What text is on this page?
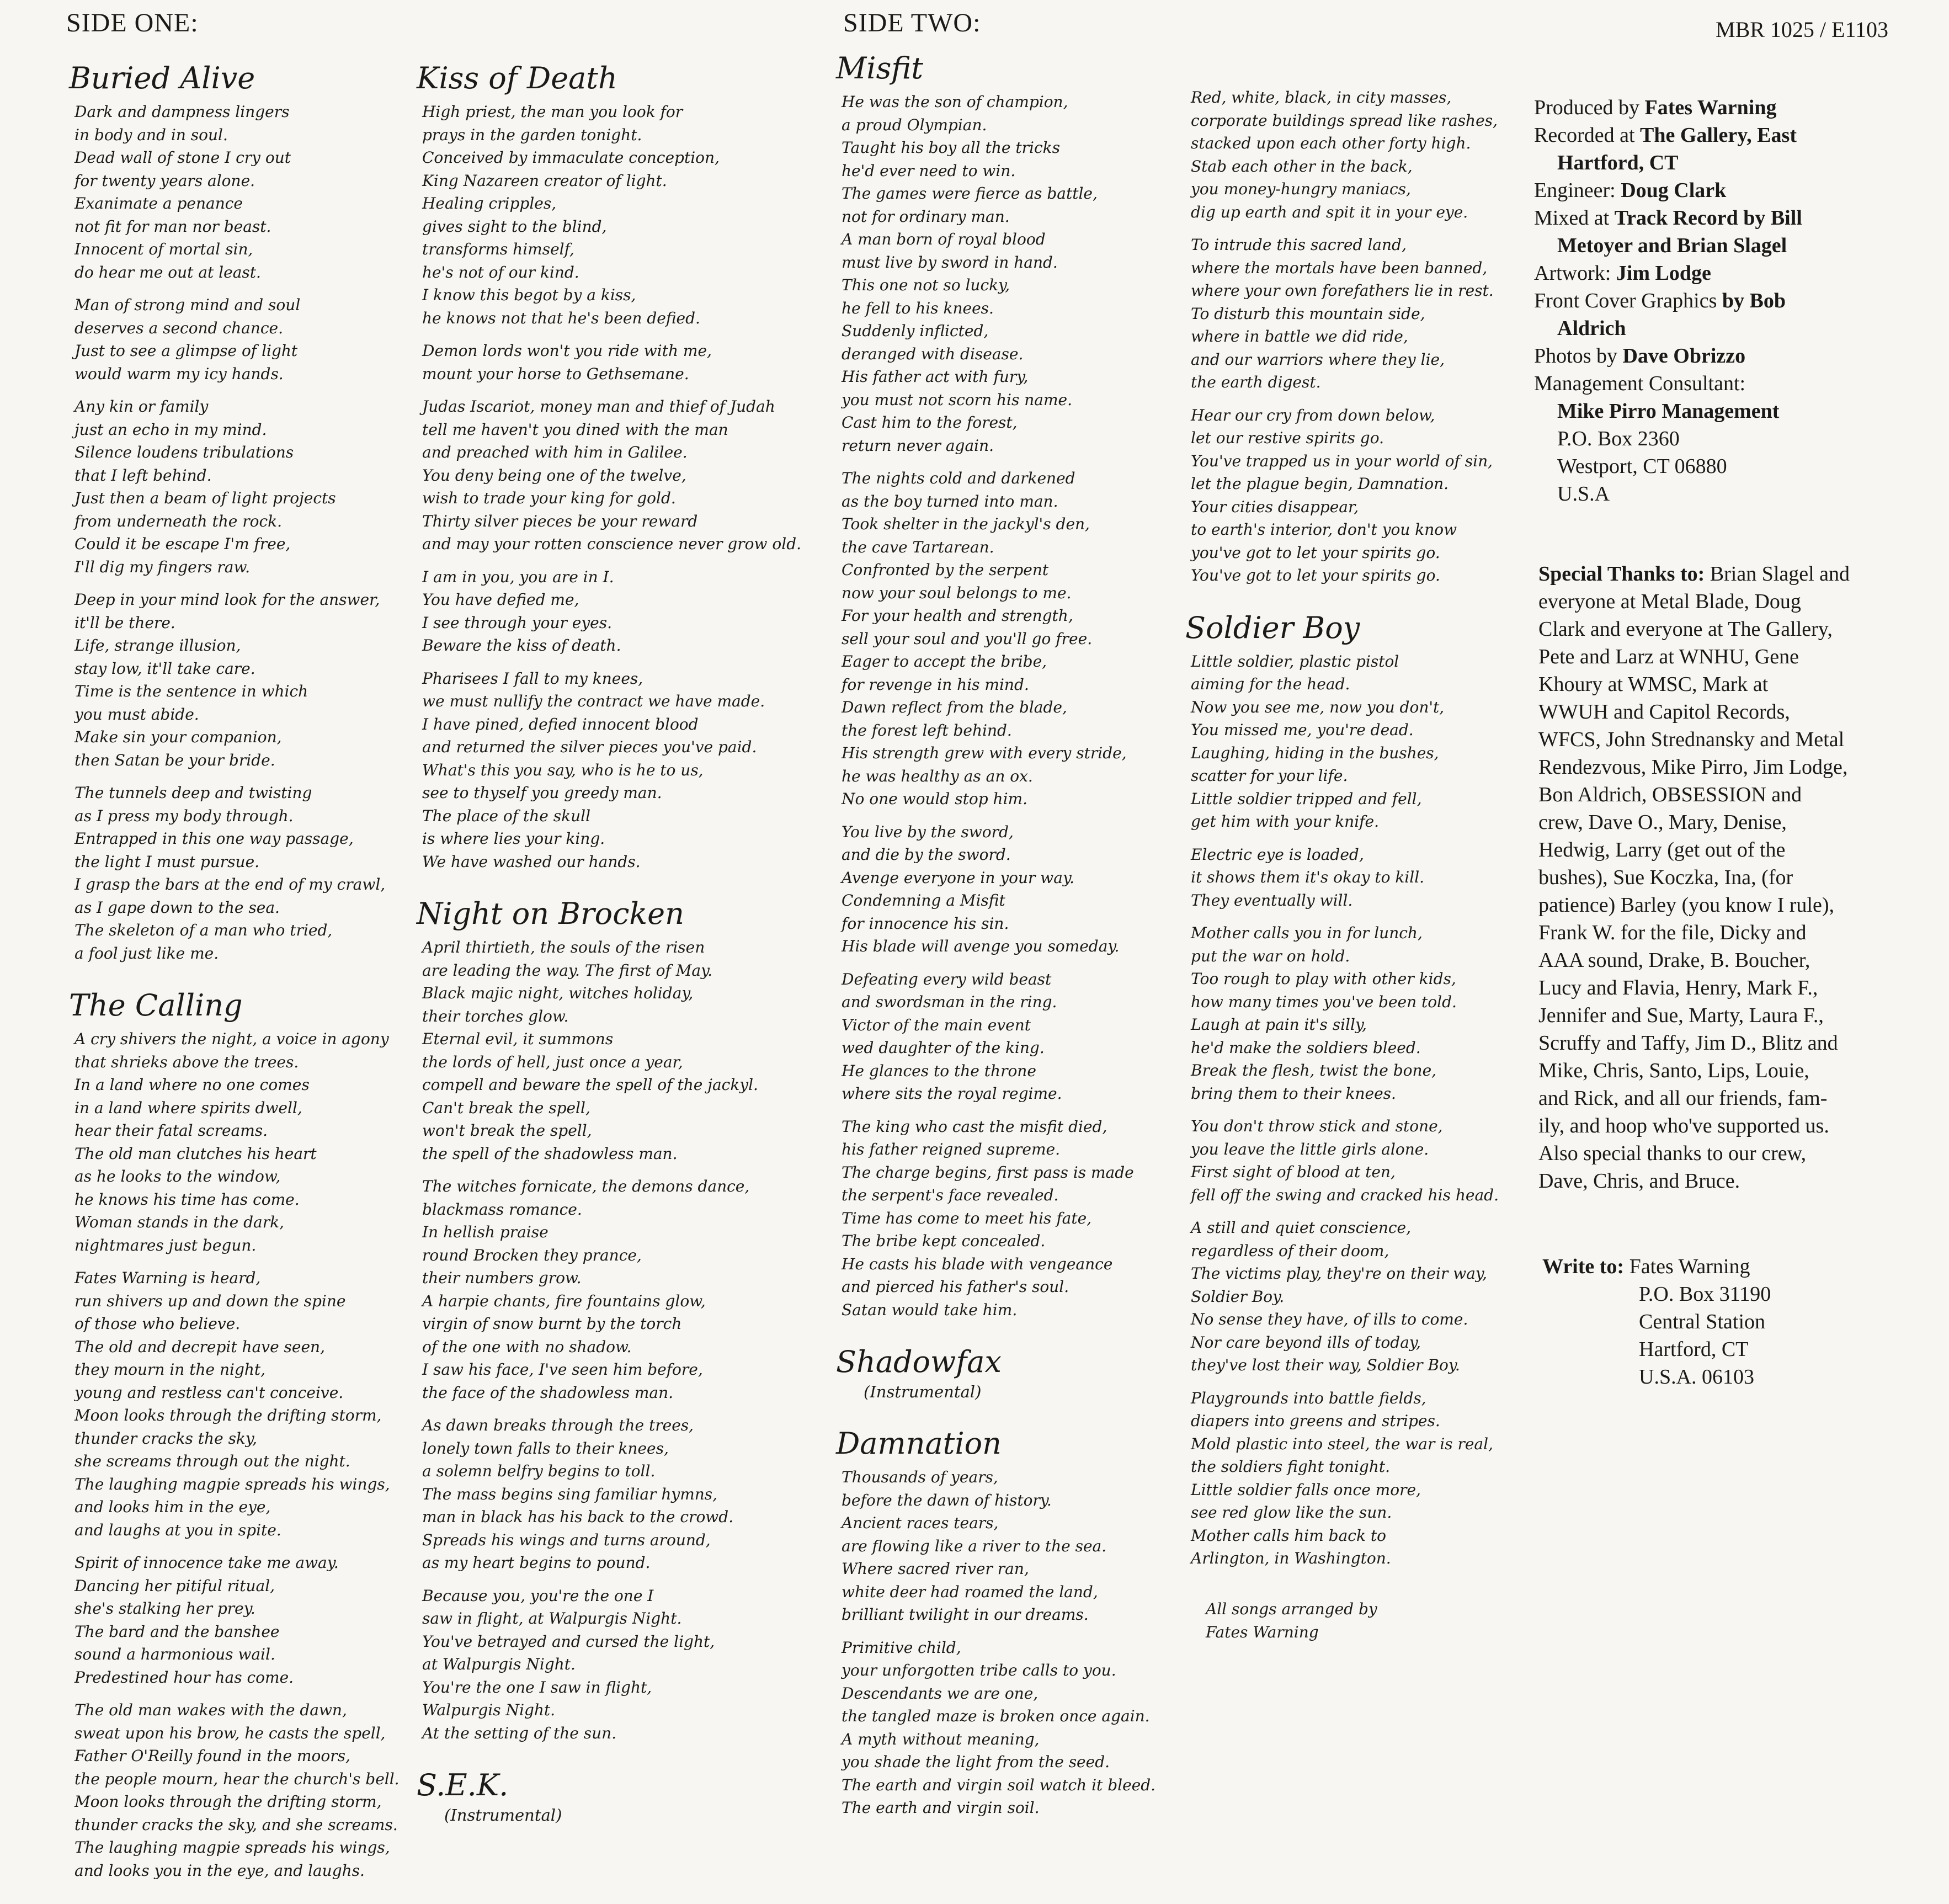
SIDE ONE:	SIDE TWO:	MBR 1025 / E1103
Buried Alive
Dark and dampness lingers
in body and in soul.
Dead wall of stone I cry out
for twenty years alone.
Exanimate a penance
not fit for man nor beast.
Innocent of mortal sin,
do hear me out at least.
Man of strong mind and soul
deserves a second chance.
Just to see a glimpse of light
would warm my icy hands.
Any kin or family
just an echo in my mind.
Silence loudens tribulations
that I left behind.
Just then a beam of light projects
from underneath the rock.
Could it be escape I'm free,
I'll dig my fingers raw.
Deep in your mind look for the answer,
it'll be there.
Life, strange illusion,
stay low, it'll take care.
Time is the sentence in which
you must abide.
Make sin your companion,
then Satan be your bride.
The tunnels deep and twisting
as I press my body through.
Entrapped in this one way passage,
the light I must pursue.
I grasp the bars at the end of my crawl,
as I gape down to the sea.
The skeleton of a man who tried,
a fool just like me.
The Calling
A cry shivers the night, a voice in agony
that shrieks above the trees.
In a land where no one comes
in a land where spirits dwell,
hear their fatal screams.
The old man clutches his heart
as he looks to the window,
he knows his time has come.
Woman stands in the dark,
nightmares just begun.
Fates Warning is heard,
run shivers up and down the spine
of those who believe.
The old and decrepit have seen,
they mourn in the night,
young and restless can't conceive.
Moon looks through the drifting storm,
thunder cracks the sky,
she screams through out the night.
The laughing magpie spreads his wings,
and looks him in the eye,
and laughs at you in spite.
Spirit of innocence take me away.
Dancing her pitiful ritual,
she's stalking her prey.
The bard and the banshee
sound a harmonious wail.
Predestined hour has come.
The old man wakes with the dawn,
sweat upon his brow, he casts the spell,
Father O'Reilly found in the moors,
the people mourn, hear the church's bell.
Moon looks through the drifting storm,
thunder cracks the sky, and she screams.
The laughing magpie spreads his wings,
and looks you in the eye, and laughs.
Kiss of Death
High priest, the man you look for
prays in the garden tonight.
Conceived by immaculate conception,
King Nazareen creator of light.
Healing cripples,
gives sight to the blind,
transforms himself,
he's not of our kind.
I know this begot by a kiss,
he knows not that he's been defied.
Demon lords won't you ride with me,
mount your horse to Gethsemane.
Judas Iscariot, money man and thief of Judah
tell me haven't you dined with the man
and preached with him in Galilee.
You deny being one of the twelve,
wish to trade your king for gold.
Thirty silver pieces be your reward
and may your rotten conscience never grow old.
I am in you, you are in I.
You have defied me,
I see through your eyes.
Beware the kiss of death.
Pharisees I fall to my knees,
we must nullify the contract we have made.
I have pined, defied innocent blood
and returned the silver pieces you've paid.
What's this you say, who is he to us,
see to thyself you greedy man.
The place of the skull
is where lies your king.
We have washed our hands.
Night on Brocken
April thirtieth, the souls of the risen
are leading the way. The first of May.
Black majic night, witches holiday,
their torches glow.
Eternal evil, it summons
the lords of hell, just once a year,
compell and beware the spell of the jackyl.
Can't break the spell,
won't break the spell,
the spell of the shadowless man.
The witches fornicate, the demons dance,
blackmass romance.
In hellish praise
round Brocken they prance,
their numbers grow.
A harpie chants, fire fountains glow,
virgin of snow burnt by the torch
of the one with no shadow.
I saw his face, I've seen him before,
the face of the shadowless man.
As dawn breaks through the trees,
lonely town falls to their knees,
a solemn belfry begins to toll.
The mass begins sing familiar hymns,
man in black has his back to the crowd.
Spreads his wings and turns around,
as my heart begins to pound.
Because you, you're the one I
saw in flight, at Walpurgis Night.
You've betrayed and cursed the light,
at Walpurgis Night.
You're the one I saw in flight,
Walpurgis Night.
At the setting of the sun.
S.E.K.
(Instrumental)
Misfit
He was the son of champion,
a proud Olympian.
Taught his boy all the tricks
he'd ever need to win.
The games were fierce as battle,
not for ordinary man.
A man born of royal blood
must live by sword in hand.
This one not so lucky,
he fell to his knees.
Suddenly inflicted,
deranged with disease.
His father act with fury,
you must not scorn his name.
Cast him to the forest,
return never again.
The nights cold and darkened
as the boy turned into man.
Took shelter in the jackyl's den,
the cave Tartarean.
Confronted by the serpent
now your soul belongs to me.
For your health and strength,
sell your soul and you'll go free.
Eager to accept the bribe,
for revenge in his mind.
Dawn reflect from the blade,
the forest left behind.
His strength grew with every stride,
he was healthy as an ox.
No one would stop him.
You live by the sword,
and die by the sword.
Avenge everyone in your way.
Condemning a Misfit
for innocence his sin.
His blade will avenge you someday.
Defeating every wild beast
and swordsman in the ring.
Victor of the main event
wed daughter of the king.
He glances to the throne
where sits the royal regime.
The king who cast the misfit died,
his father reigned supreme.
The charge begins, first pass is made
the serpent's face revealed.
Time has come to meet his fate,
The bribe kept concealed.
He casts his blade with vengeance
and pierced his father's soul.
Satan would take him.
Shadowfax
(Instrumental)
Damnation
Thousands of years,
before the dawn of history.
Ancient races tears,
are flowing like a river to the sea.
Where sacred river ran,
white deer had roamed the land,
brilliant twilight in our dreams.
Primitive child,
your unforgotten tribe calls to you.
Descendants we are one,
the tangled maze is broken once again.
A myth without meaning,
you shade the light from the seed.
The earth and virgin soil watch it bleed.
The earth and virgin soil.
Red, white, black, in city masses,
corporate buildings spread like rashes,
stacked upon each other forty high.
Stab each other in the back,
you money-hungry maniacs,
dig up earth and spit it in your eye.
To intrude this sacred land,
where the mortals have been banned,
where your own forefathers lie in rest.
To disturb this mountain side,
where in battle we did ride,
and our warriors where they lie,
the earth digest.
Hear our cry from down below,
let our restive spirits go.
You've trapped us in your world of sin,
let the plague begin, Damnation.
Your cities disappear,
to earth's interior, don't you know
you've got to let your spirits go.
You've got to let your spirits go.
Soldier Boy
Little soldier, plastic pistol
aiming for the head.
Now you see me, now you don't,
You missed me, you're dead.
Laughing, hiding in the bushes,
scatter for your life.
Little soldier tripped and fell,
get him with your knife.
Electric eye is loaded,
it shows them it's okay to kill.
They eventually will.
Mother calls you in for lunch,
put the war on hold.
Too rough to play with other kids,
how many times you've been told.
Laugh at pain it's silly,
he'd make the soldiers bleed.
Break the flesh, twist the bone,
bring them to their knees.
You don't throw stick and stone,
you leave the little girls alone.
First sight of blood at ten,
fell off the swing and cracked his head.
A still and quiet conscience,
regardless of their doom,
The victims play, they're on their way,
Soldier Boy.
No sense they have, of ills to come.
Nor care beyond ills of today,
they've lost their way, Soldier Boy.
Playgrounds into battle fields,
diapers into greens and stripes.
Mold plastic into steel, the war is real,
the soldiers fight tonight.
Little soldier falls once more,
see red glow like the sun.
Mother calls him back to
Arlington, in Washington.
All songs arranged by
Fates Warning
Produced by Fates Warning
Recorded at The Gallery, East
Hartford, CT
Engineer: Doug Clark
Mixed at Track Record by Bill
Metoyer and Brian Slagel
Artwork: Jim Lodge
Front Cover Graphics by Bob
Aldrich
Photos by Dave Obrizzo
Management Consultant:
Mike Pirro Management
P.O. Box 2360
Westport, CT 06880
U.S.A
Special Thanks to: Brian Slagel and
everyone at Metal Blade, Doug
Clark and everyone at The Gallery,
Pete and Larz at WNHU, Gene
Khoury at WMSC, Mark at
WWUH and Capitol Records,
WFCS, John Strednansky and Metal
Rendezvous, Mike Pirro, Jim Lodge,
Bon Aldrich, OBSESSION and
crew, Dave O., Mary, Denise,
Hedwig, Larry (get out of the
bushes), Sue Koczka, Ina, (for
patience) Barley (you know I rule),
Frank W. for the file, Dicky and
AAA sound, Drake, B. Boucher,
Lucy and Flavia, Henry, Mark F.,
Jennifer and Sue, Marty, Laura F.,
Scruffy and Taffy, Jim D., Blitz and
Mike, Chris, Santo, Lips, Louie,
and Rick, and all our friends, fam-
ily, and hoop who've supported us.
Also special thanks to our crew,
Dave, Chris, and Bruce.
Write to: Fates Warning
P.O. Box 31190
Central Station
Hartford, CT
U.S.A. 06103
